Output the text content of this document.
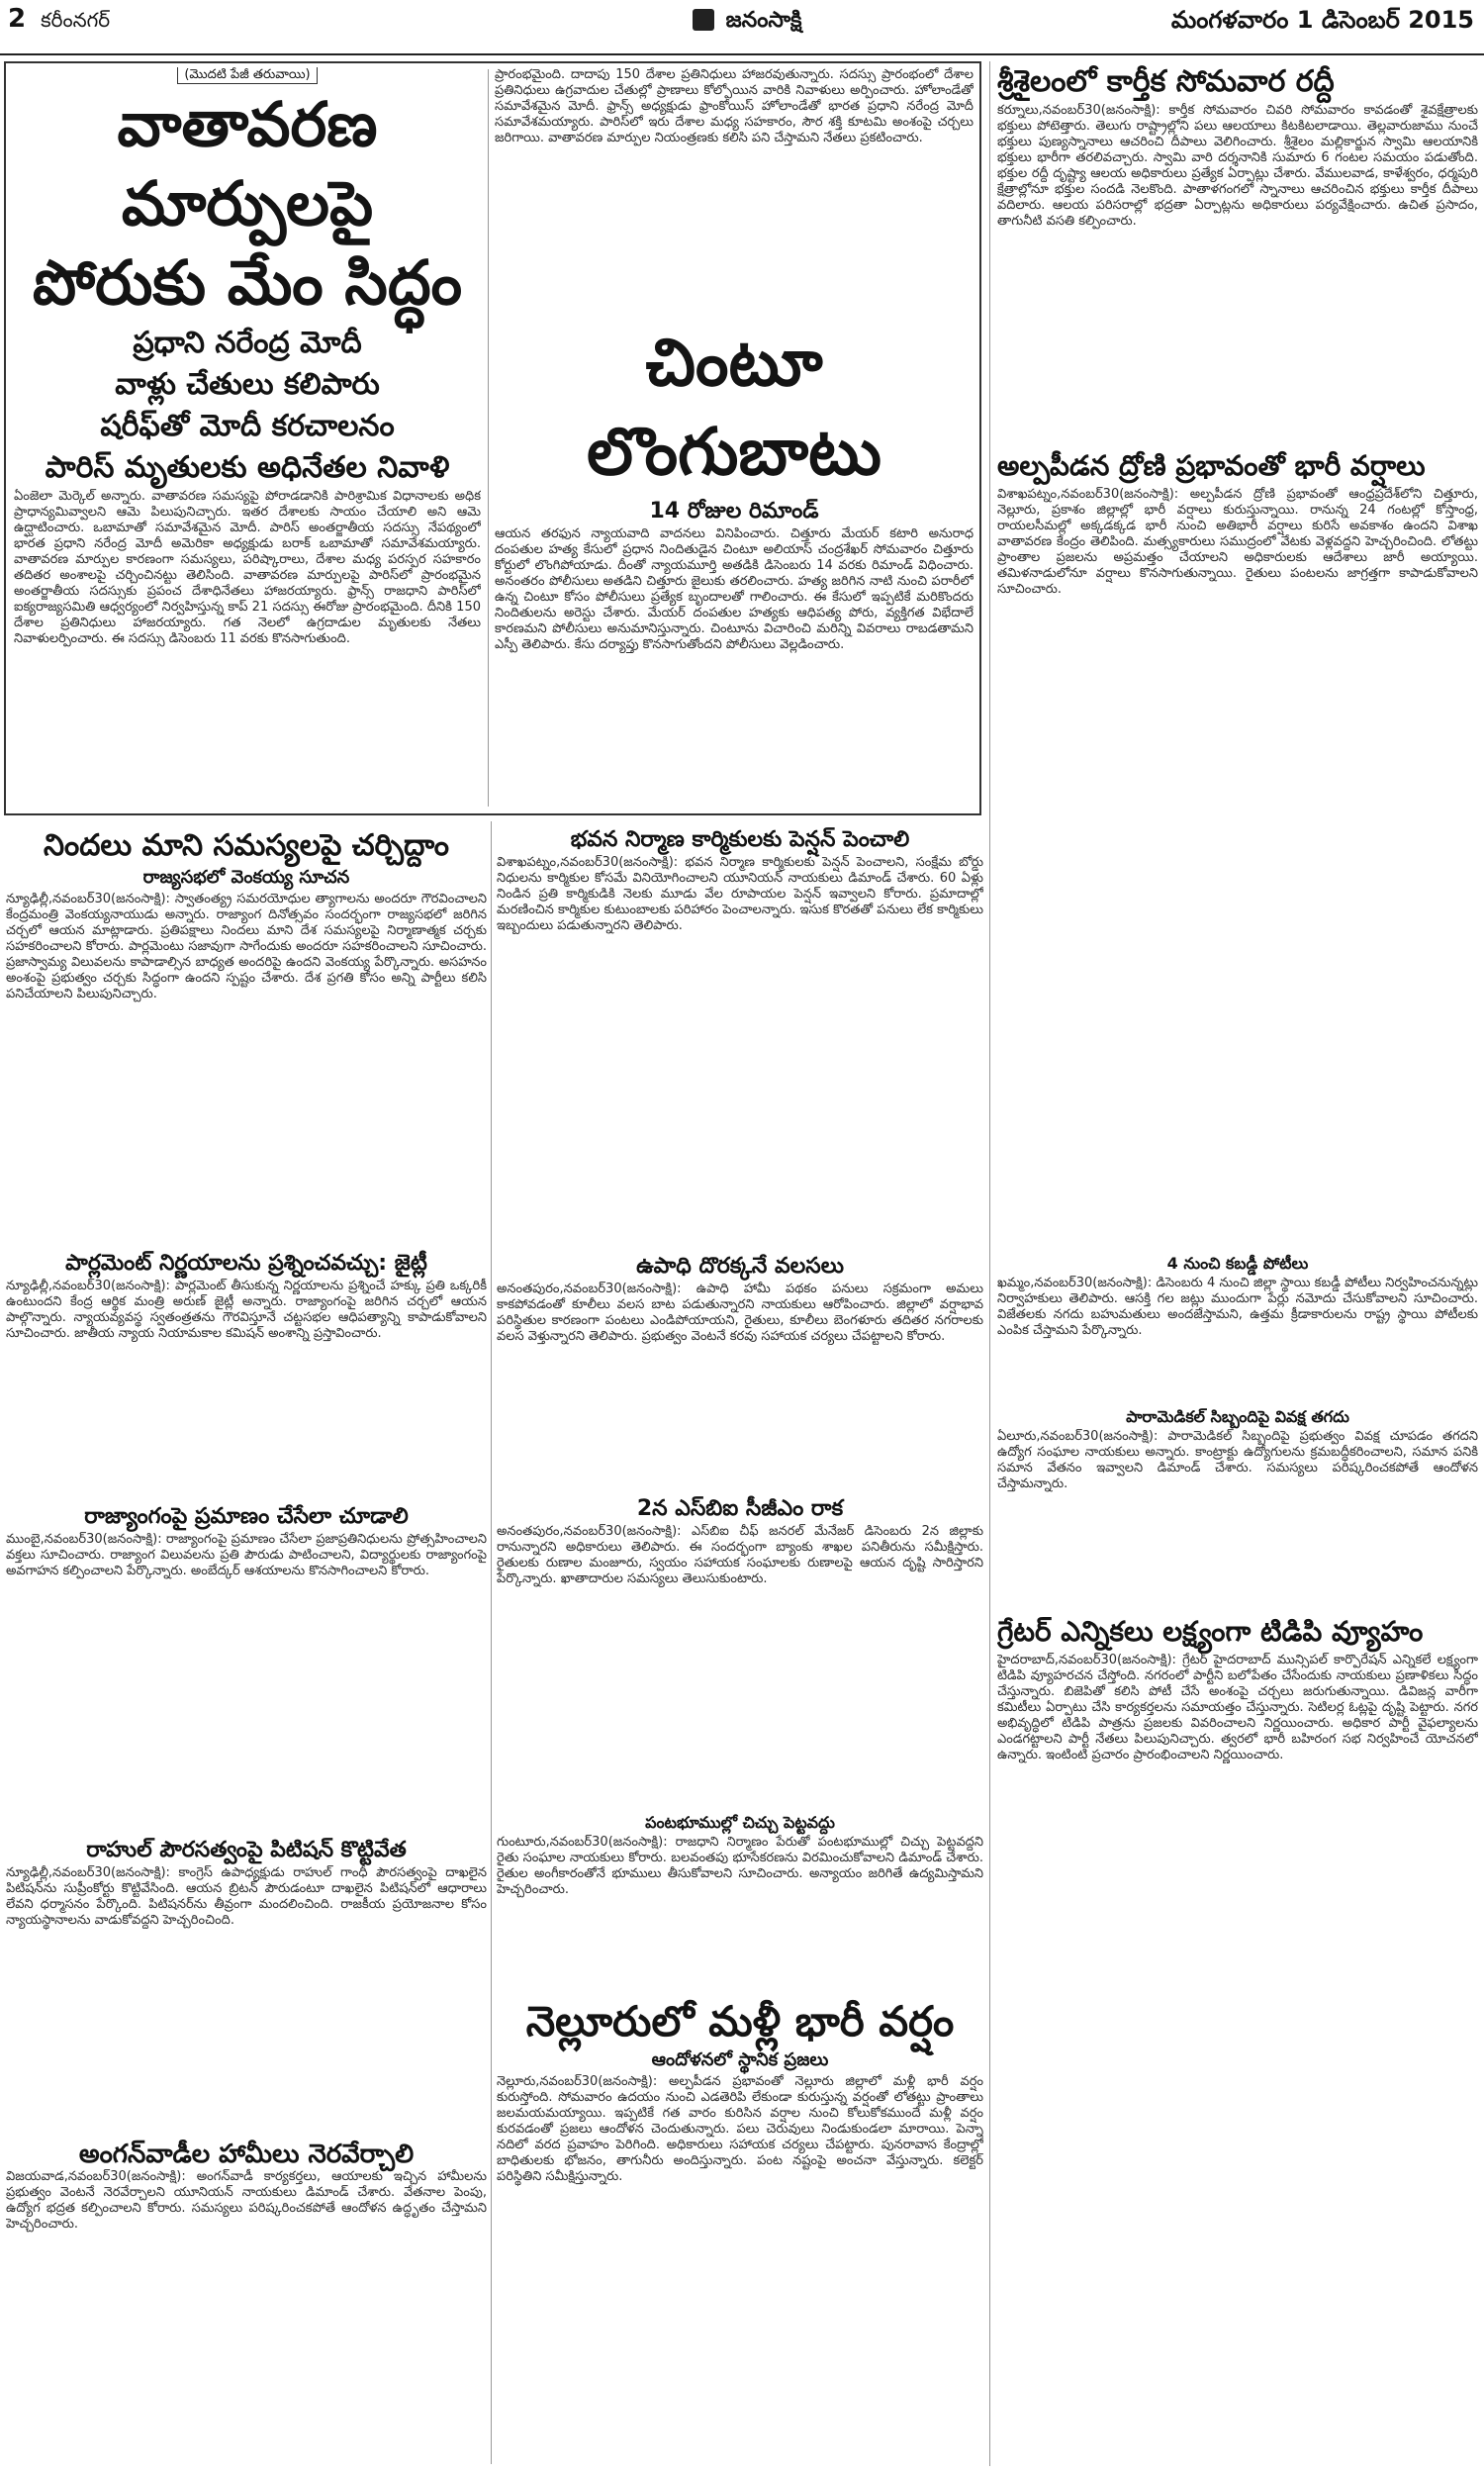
2 కరీంనగర్	జనంసాక్షి	మంగళవారం 1 డిసెంబర్ 2015
(మొదటి పేజీ తరువాయి)
వాతావరణ మార్పులపై
పోరుకు మేం సిద్ధం
ప్రధాని నరేంద్ర మోదీ
వాళ్లు చేతులు కలిపారు
షరీఫ్‌తో మోదీ కరచాలనం
పారిస్‌ మృతులకు అధినేతల నివాళి

ఏంజెలా మెర్కెల్‌ అన్నారు. వాతావరణ సమస్యపై పోరాడడానికి పారిశ్రామిక విధానాలకు అధిక ప్రాధాన్యమివ్వాలని ఆమె పిలుపునిచ్చారు. ఇతర దేశాలకు సాయం చేయాలి అని ఆమె ఉద్ఘాటించారు. ఒబామాతో సమావేశమైన మోదీ. పారిస్‌ అంతర్జాతీయ సదస్సు నేపథ్యంలో భారత ప్రధాని నరేంద్ర మోదీ అమెరికా అధ్యక్షుడు బరాక్‌ ఒబామాతో సమావేశమయ్యారు. వాతావరణ మార్పుల కారణంగా సమస్యలు, పరిష్కారాలు, దేశాల మధ్య పరస్పర సహకారం తదితర అంశాలపై చర్చించినట్టు తెలిసింది. వాతావరణ మార్పులపై పారిస్‌లో ప్రారంభమైన అంతర్జాతీయ సదస్సుకు ప్రపంచ దేశాధినేతలు హాజరయ్యారు. ఫ్రాన్స్‌ రాజధాని పారిస్‌లో ఐక్యరాజ్యసమితి ఆధ్వర్యంలో నిర్వహిస్తున్న కాప్‌ 21 సదస్సు ఈరోజు ప్రారంభమైంది. దీనికి 150 దేశాల ప్రతినిధులు హాజరయ్యారు. గత నెలలో ఉగ్రదాడుల మృతులకు నేతలు నివాళులర్పించారు. ఈ సదస్సు డిసెంబరు 11 వరకు కొనసాగుతుంది.

ప్రారంభమైంది. దాదాపు 150 దేశాల ప్రతినిధులు హాజరవుతున్నారు. సదస్సు ప్రారంభంలో దేశాల ప్రతినిధులు ఉగ్రవాదుల చేతుల్లో ప్రాణాలు కోల్పోయిన వారికి నివాళులు అర్పించారు. హోలాండేతో సమావేశమైన మోదీ. ఫ్రాన్స్‌ అధ్యక్షుడు ఫ్రాంకోయిస్‌ హోలాండేతో భారత ప్రధాని నరేంద్ర మోదీ సమావేశమయ్యారు. పారిస్‌లో ఇరు దేశాల మధ్య సహకారం, సౌర శక్తి కూటమి అంశంపై చర్చలు జరిగాయి. వాతావరణ మార్పుల నియంత్రణకు కలిసి పని చేస్తామని నేతలు ప్రకటించారు.

చింటూ లొంగుబాటు
14 రోజుల రిమాండ్‌

ఆయన తరఫున న్యాయవాది వాదనలు వినిపించారు. చిత్తూరు మేయర్‌ కటారి అనురాధ దంపతుల హత్య కేసులో ప్రధాన నిందితుడైన చింటూ అలియాస్‌ చంద్రశేఖర్‌ సోమవారం చిత్తూరు కోర్టులో లొంగిపోయాడు. దీంతో న్యాయమూర్తి అతడికి డిసెంబరు 14 వరకు రిమాండ్‌ విధించారు. అనంతరం పోలీసులు అతడిని చిత్తూరు జైలుకు తరలించారు. హత్య జరిగిన నాటి నుంచి పరారీలో ఉన్న చింటూ కోసం పోలీసులు ప్రత్యేక బృందాలతో గాలించారు. ఈ కేసులో ఇప్పటికే మరికొందరు నిందితులను అరెస్టు చేశారు. మేయర్‌ దంపతుల హత్యకు ఆధిపత్య పోరు, వ్యక్తిగత విభేదాలే కారణమని పోలీసులు అనుమానిస్తున్నారు. చింటూను విచారించి మరిన్ని వివరాలు రాబడతామని ఎస్పీ తెలిపారు. కేసు దర్యాప్తు కొనసాగుతోందని పోలీసులు వెల్లడించారు.

శ్రీశైలంలో కార్తీక సోమవార రద్దీ

కర్నూలు,నవంబర్‌30(జనంసాక్షి): కార్తీక సోమవారం చివరి సోమవారం కావడంతో శైవక్షేత్రాలకు భక్తులు పోటెత్తారు. తెలుగు రాష్ట్రాల్లోని పలు ఆలయాలు కిటకిటలాడాయి. తెల్లవారుజాము నుంచే భక్తులు పుణ్యస్నానాలు ఆచరించి దీపాలు వెలిగించారు. శ్రీశైలం మల్లికార్జున స్వామి ఆలయానికి భక్తులు భారీగా తరలివచ్చారు. స్వామి వారి దర్శనానికి సుమారు 6 గంటల సమయం పడుతోంది. భక్తుల రద్దీ దృష్ట్యా ఆలయ అధికారులు ప్రత్యేక ఏర్పాట్లు చేశారు. వేములవాడ, కాళేశ్వరం, ధర్మపురి క్షేత్రాల్లోనూ భక్తుల సందడి నెలకొంది. పాతాళగంగలో స్నానాలు ఆచరించిన భక్తులు కార్తీక దీపాలు వదిలారు. ఆలయ పరిసరాల్లో భద్రతా ఏర్పాట్లను అధికారులు పర్యవేక్షించారు. ఉచిత ప్రసాదం, తాగునీటి వసతి కల్పించారు.

అల్పపీడన ద్రోణి ప్రభావంతో భారీ వర్షాలు

విశాఖపట్నం,నవంబర్‌30(జనంసాక్షి): అల్పపీడన ద్రోణి ప్రభావంతో ఆంధ్రప్రదేశ్‌లోని చిత్తూరు, నెల్లూరు, ప్రకాశం జిల్లాల్లో భారీ వర్షాలు కురుస్తున్నాయి. రానున్న 24 గంటల్లో కోస్తాంధ్ర, రాయలసీమల్లో అక్కడక్కడ భారీ నుంచి అతిభారీ వర్షాలు కురిసే అవకాశం ఉందని విశాఖ వాతావరణ కేంద్రం తెలిపింది. మత్స్యకారులు సముద్రంలో వేటకు వెళ్లవద్దని హెచ్చరించింది. లోతట్టు ప్రాంతాల ప్రజలను అప్రమత్తం చేయాలని అధికారులకు ఆదేశాలు జారీ అయ్యాయి. తమిళనాడులోనూ వర్షాలు కొనసాగుతున్నాయి. రైతులు పంటలను జాగ్రత్తగా కాపాడుకోవాలని సూచించారు.

4 నుంచి కబడ్డీ పోటీలు

ఖమ్మం,నవంబర్‌30(జనంసాక్షి): డిసెంబరు 4 నుంచి జిల్లా స్థాయి కబడ్డీ పోటీలు నిర్వహించనున్నట్లు నిర్వాహకులు తెలిపారు. ఆసక్తి గల జట్లు ముందుగా పేర్లు నమోదు చేసుకోవాలని సూచించారు. విజేతలకు నగదు బహుమతులు అందజేస్తామని, ఉత్తమ క్రీడాకారులను రాష్ట్ర స్థాయి పోటీలకు ఎంపిక చేస్తామని పేర్కొన్నారు.

పారామెడికల్‌ సిబ్బందిపై వివక్ష తగదు

ఏలూరు,నవంబర్‌30(జనంసాక్షి): పారామెడికల్‌ సిబ్బందిపై ప్రభుత్వం వివక్ష చూపడం తగదని ఉద్యోగ సంఘాల నాయకులు అన్నారు. కాంట్రాక్టు ఉద్యోగులను క్రమబద్ధీకరించాలని, సమాన పనికి సమాన వేతనం ఇవ్వాలని డిమాండ్‌ చేశారు. సమస్యలు పరిష్కరించకపోతే ఆందోళన చేస్తామన్నారు.

గ్రేటర్‌ ఎన్నికలు లక్ష్యంగా టిడిపి వ్యూహం

హైదరాబాద్‌,నవంబర్‌30(జనంసాక్షి): గ్రేటర్‌ హైదరాబాద్‌ మున్సిపల్‌ కార్పొరేషన్‌ ఎన్నికలే లక్ష్యంగా టిడిపి వ్యూహరచన చేస్తోంది. నగరంలో పార్టీని బలోపేతం చేసేందుకు నాయకులు ప్రణాళికలు సిద్ధం చేస్తున్నారు. బిజెపితో కలిసి పోటీ చేసే అంశంపై చర్చలు జరుగుతున్నాయి. డివిజన్ల వారీగా కమిటీలు ఏర్పాటు చేసి కార్యకర్తలను సమాయత్తం చేస్తున్నారు. సెటిలర్ల ఓట్లపై దృష్టి పెట్టారు. నగర అభివృద్ధిలో టిడిపి పాత్రను ప్రజలకు వివరించాలని నిర్ణయించారు. అధికార పార్టీ వైఫల్యాలను ఎండగట్టాలని పార్టీ నేతలు పిలుపునిచ్చారు. త్వరలో భారీ బహిరంగ సభ నిర్వహించే యోచనలో ఉన్నారు. ఇంటింటి ప్రచారం ప్రారంభించాలని నిర్ణయించారు.

నిందలు మాని సమస్యలపై చర్చిద్దాం
రాజ్యసభలో వెంకయ్య సూచన

న్యూఢిల్లీ,నవంబర్‌30(జనంసాక్షి): స్వాతంత్య్ర సమరయోధుల త్యాగాలను అందరూ గౌరవించాలని కేంద్రమంత్రి వెంకయ్యనాయుడు అన్నారు. రాజ్యాంగ దినోత్సవం సందర్భంగా రాజ్యసభలో జరిగిన చర్చలో ఆయన మాట్లాడారు. ప్రతిపక్షాలు నిందలు మాని దేశ సమస్యలపై నిర్మాణాత్మక చర్చకు సహకరించాలని కోరారు. పార్లమెంటు సజావుగా సాగేందుకు అందరూ సహకరించాలని సూచించారు. ప్రజాస్వామ్య విలువలను కాపాడాల్సిన బాధ్యత అందరిపై ఉందని వెంకయ్య పేర్కొన్నారు. అసహనం అంశంపై ప్రభుత్వం చర్చకు సిద్ధంగా ఉందని స్పష్టం చేశారు. దేశ ప్రగతి కోసం అన్ని పార్టీలు కలిసి పనిచేయాలని పిలుపునిచ్చారు.

పార్లమెంట్‌ నిర్ణయాలను ప్రశ్నించవచ్చు: జైట్లీ

న్యూఢిల్లీ,నవంబర్‌30(జనంసాక్షి): పార్లమెంట్‌ తీసుకున్న నిర్ణయాలను ప్రశ్నించే హక్కు ప్రతి ఒక్కరికీ ఉంటుందని కేంద్ర ఆర్థిక మంత్రి అరుణ్‌ జైట్లీ అన్నారు. రాజ్యాంగంపై జరిగిన చర్చలో ఆయన పాల్గొన్నారు. న్యాయవ్యవస్థ స్వతంత్రతను గౌరవిస్తూనే చట్టసభల ఆధిపత్యాన్ని కాపాడుకోవాలని సూచించారు. జాతీయ న్యాయ నియామకాల కమిషన్‌ అంశాన్ని ప్రస్తావించారు.

రాజ్యాంగంపై ప్రమాణం చేసేలా చూడాలి

ముంబై,నవంబర్‌30(జనంసాక్షి): రాజ్యాంగంపై ప్రమాణం చేసేలా ప్రజాప్రతినిధులను ప్రోత్సహించాలని వక్తలు సూచించారు. రాజ్యాంగ విలువలను ప్రతి పౌరుడు పాటించాలని, విద్యార్థులకు రాజ్యాంగంపై అవగాహన కల్పించాలని పేర్కొన్నారు. అంబేద్కర్‌ ఆశయాలను కొనసాగించాలని కోరారు.

రాహుల్‌ పౌరసత్వంపై పిటిషన్‌ కొట్టివేత

న్యూఢిల్లీ,నవంబర్‌30(జనంసాక్షి): కాంగ్రెస్‌ ఉపాధ్యక్షుడు రాహుల్‌ గాంధీ పౌరసత్వంపై దాఖలైన పిటిషన్‌ను సుప్రీంకోర్టు కొట్టివేసింది. ఆయన బ్రిటన్‌ పౌరుడంటూ దాఖలైన పిటిషన్‌లో ఆధారాలు లేవని ధర్మాసనం పేర్కొంది. పిటిషనర్‌ను తీవ్రంగా మందలించింది. రాజకీయ ప్రయోజనాల కోసం న్యాయస్థానాలను వాడుకోవద్దని హెచ్చరించింది.

అంగన్‌వాడీల హామీలు నెరవేర్చాలి

విజయవాడ,నవంబర్‌30(జనంసాక్షి): అంగన్‌వాడీ కార్యకర్తలు, ఆయాలకు ఇచ్చిన హామీలను ప్రభుత్వం వెంటనే నెరవేర్చాలని యూనియన్‌ నాయకులు డిమాండ్‌ చేశారు. వేతనాల పెంపు, ఉద్యోగ భద్రత కల్పించాలని కోరారు. సమస్యలు పరిష్కరించకపోతే ఆందోళన ఉద్ధృతం చేస్తామని హెచ్చరించారు.

భవన నిర్మాణ కార్మికులకు పెన్షన్‌ పెంచాలి

విశాఖపట్నం,నవంబర్‌30(జనంసాక్షి): భవన నిర్మాణ కార్మికులకు పెన్షన్‌ పెంచాలని, సంక్షేమ బోర్డు నిధులను కార్మికుల కోసమే వినియోగించాలని యూనియన్‌ నాయకులు డిమాండ్‌ చేశారు. 60 ఏళ్లు నిండిన ప్రతి కార్మికుడికి నెలకు మూడు వేల రూపాయల పెన్షన్‌ ఇవ్వాలని కోరారు. ప్రమాదాల్లో మరణించిన కార్మికుల కుటుంబాలకు పరిహారం పెంచాలన్నారు. ఇసుక కొరతతో పనులు లేక కార్మికులు ఇబ్బందులు పడుతున్నారని తెలిపారు.

ఉపాధి దొరక్కనే వలసలు

అనంతపురం,నవంబర్‌30(జనంసాక్షి): ఉపాధి హామీ పథకం పనులు సక్రమంగా అమలు కాకపోవడంతో కూలీలు వలస బాట పడుతున్నారని నాయకులు ఆరోపించారు. జిల్లాలో వర్షాభావ పరిస్థితుల కారణంగా పంటలు ఎండిపోయాయని, రైతులు, కూలీలు బెంగళూరు తదితర నగరాలకు వలస వెళ్తున్నారని తెలిపారు. ప్రభుత్వం వెంటనే కరవు సహాయక చర్యలు చేపట్టాలని కోరారు.

2న ఎస్‌బిఐ సీజీఎం రాక

అనంతపురం,నవంబర్‌30(జనంసాక్షి): ఎస్‌బిఐ చీఫ్‌ జనరల్‌ మేనేజర్‌ డిసెంబరు 2న జిల్లాకు రానున్నారని అధికారులు తెలిపారు. ఈ సందర్భంగా బ్యాంకు శాఖల పనితీరును సమీక్షిస్తారు. రైతులకు రుణాల మంజూరు, స్వయం సహాయక సంఘాలకు రుణాలపై ఆయన దృష్టి సారిస్తారని పేర్కొన్నారు. ఖాతాదారుల సమస్యలు తెలుసుకుంటారు.

పంటభూముల్లో చిచ్చు పెట్టవద్దు

గుంటూరు,నవంబర్‌30(జనంసాక్షి): రాజధాని నిర్మాణం పేరుతో పంటభూముల్లో చిచ్చు పెట్టవద్దని రైతు సంఘాల నాయకులు కోరారు. బలవంతపు భూసేకరణను విరమించుకోవాలని డిమాండ్‌ చేశారు. రైతుల అంగీకారంతోనే భూములు తీసుకోవాలని సూచించారు. అన్యాయం జరిగితే ఉద్యమిస్తామని హెచ్చరించారు.

నెల్లూరులో మళ్లీ భారీ వర్షం
ఆందోళనలో స్థానిక ప్రజలు

నెల్లూరు,నవంబర్‌30(జనంసాక్షి): అల్పపీడన ప్రభావంతో నెల్లూరు జిల్లాలో మళ్లీ భారీ వర్షం కురుస్తోంది. సోమవారం ఉదయం నుంచి ఎడతెరిపి లేకుండా కురుస్తున్న వర్షంతో లోతట్టు ప్రాంతాలు జలమయమయ్యాయి. ఇప్పటికే గత వారం కురిసిన వర్షాల నుంచి కోలుకోకముందే మళ్లీ వర్షం కురవడంతో ప్రజలు ఆందోళన చెందుతున్నారు. పలు చెరువులు నిండుకుండలా మారాయి. పెన్నా నదిలో వరద ప్రవాహం పెరిగింది. అధికారులు సహాయక చర్యలు చేపట్టారు. పునరావాస కేంద్రాల్లో బాధితులకు భోజనం, తాగునీరు అందిస్తున్నారు. పంట నష్టంపై అంచనా వేస్తున్నారు. కలెక్టర్‌ పరిస్థితిని సమీక్షిస్తున్నారు.
